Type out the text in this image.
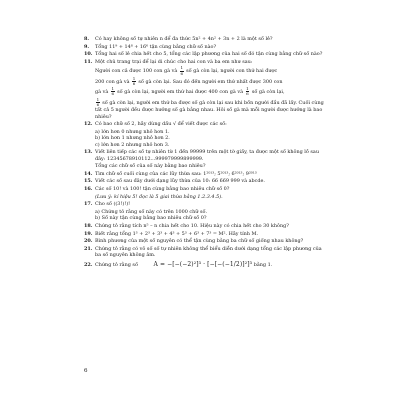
8.	Có hay không số tự nhiên n để đa thức 5n² + 4n² + 3n + 2 là một số lẻ?
9.	Tổng 11⁹ + 14⁸ + 16⁶ tận cùng bằng chữ số nào?
10. Tổng hai số lẻ chia hết cho 5, tổng các lập phương của hai số đó tận cùng bằng chữ số nào?
11. Một chủ trang trại để lại di chúc cho hai con và ba em như sau:
Người con cả được 100 con gà và $\frac{1}{6}$ số gà còn lại, người con thứ hai được
200 con gà và $\frac{1}{6}$ số gà còn lại. Sau đó đến người em thứ nhất được 300 con
gà và $\frac{1}{6}$ số gà còn lại, người em thứ hai được 400 con gà và $\frac{1}{6}$ số gà còn lại,
$\frac{1}{6}$ số gà còn lại, người em thứ ba được số gà còn lại sau khi bốn người đầu đã lấy. Cuối cùng tất cả 5 người đều được hưởng số gà bằng nhau. Hỏi số gà mà mỗi người được hưởng là bao nhiêu?
12. Có bao chữ số 2, hãy dùng dấu √ để viết được các số:
a) lớn hơn 0 nhưng nhỏ hơn 1.
b) lớn hơn 1 nhưng nhỏ hơn 2.
c) lớn hơn 2 nhưng nhỏ hơn 3.
13. Viết liên tiếp các số tự nhiên từ 1 đến 99999 trên một tờ giấy, ta được một số không lồ sau đây: 12345678910112...999979999899999.
Tổng các chữ số của số này bằng bao nhiêu?
14. Tìm chữ số cuối cùng của các lũy thừa sau: 1²⁰¹³; 5²⁰¹³; 6²⁰¹³; 9²⁰¹³
15. Viết các số sau đây dưới dạng lũy thừa của 10: 66 669 999 và abcde.
16. Các số 10! và 100! tận cùng bằng bao nhiêu chữ số 0?
(Lưu ý: kí hiệu 5! đọc là 5 giai thừa bằng 1.2.3.4.5).
17. Cho số ((3!)!)!
a) Chứng tỏ rằng số này có trên 1000 chữ số.
b) Số này tận cùng bằng bao nhiêu chữ số 0?
18. Chứng tỏ rằng tích n⁵ – n chia hết cho 10. Hiệu này có chia hết cho 30 không?
19. Biết rằng tổng 1³ + 2³ + 3³ + 4³ + 5³ + 6³ + 7³ = M². Hãy tính M.
20. Bình phương của một số nguyên có thể tận cùng bằng ba chữ số giống nhau không?
21. Chứng tỏ rằng có vô số số tự nhiên không thể biểu diễn dưới dạng tổng các lập phương của ba số nguyên không âm.
22. Chứng tỏ rằng số	A = −[−(−2)²]³ · [−[−(−1/2)]²]³ bằng 1.
6
